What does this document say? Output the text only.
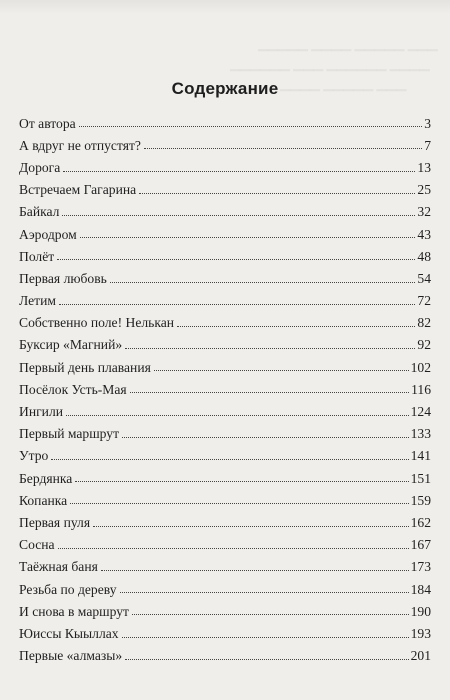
▁▁▁▁▁ ▁▁▁▁ ▁▁▁▁▁ ▁▁▁
▁▁▁▁▁▁ ▁▁▁ ▁▁▁▁▁▁ ▁▁▁▁
▁▁▁▁ ▁▁▁▁▁ ▁▁▁
Содержание
От автора	3
А вдруг не отпустят?	7
Дорога	13
Встречаем Гагарина	25
Байкал	32
Аэродром	43
Полёт	48
Первая любовь	54
Летим	72
Собственно поле! Нелькан	82
Буксир «Магний»	92
Первый день плавания	102
Посёлок Усть-Мая	116
Ингили	124
Первый маршрут	133
Утро	141
Бердянка	151
Копанка	159
Первая пуля	162
Сосна	167
Таёжная баня	173
Резьба по дереву	184
И снова в маршрут	190
Юиссы Кыыллах	193
Первые «алмазы»	201
